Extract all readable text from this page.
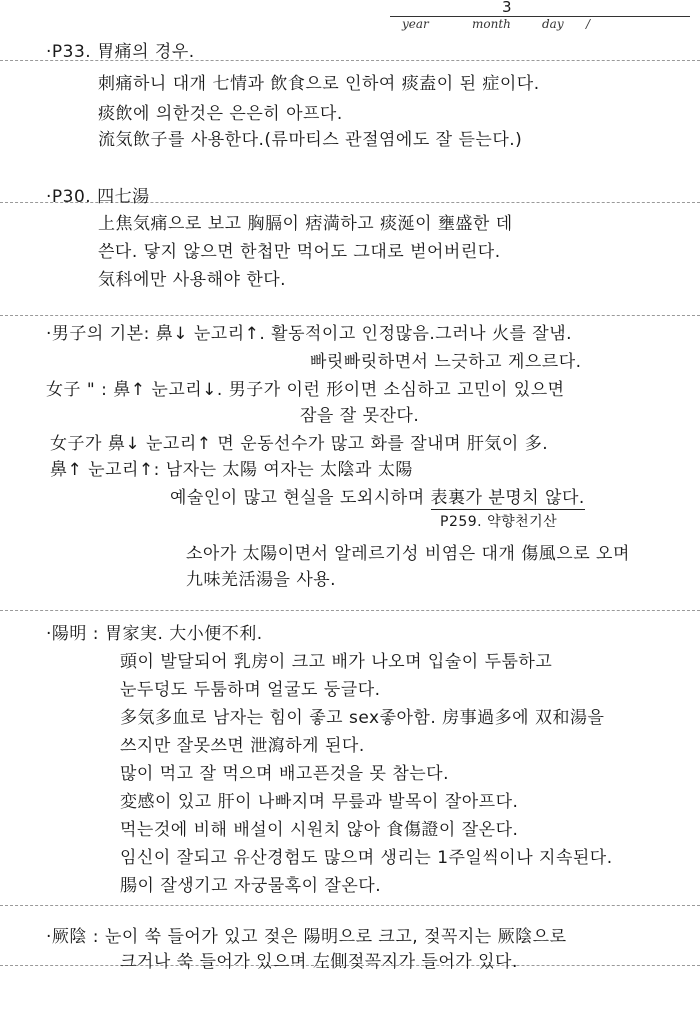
3
year	month	day /
·P33. 胃痛의 경우.
刺痛하니 대개 七情과 飲食으로 인하여 痰盍이 된 症이다.
痰飲에 의한것은 은은히 아프다.
流気飲子를 사용한다.(류마티스 관절염에도 잘 듣는다.)
·P30. 四七湯
上焦気痛으로 보고 胸膈이 痞満하고 痰涎이 壅盛한 데
쓴다. 닿지 않으면 한첩만 먹어도 그대로 벋어버린다.
気科에만 사용해야 한다.
·男子의 기본: 鼻↓ 눈고리↑. 활동적이고 인정많음.그러나 火를 잘냄.
빠릿빠릿하면서 느긋하고 게으르다.
女子 " : 鼻↑ 눈고리↓. 男子가 이런 形이면 소심하고 고민이 있으면
잠을 잘 못잔다.
女子가 鼻↓ 눈고리↑ 면 운동선수가 많고 화를 잘내며 肝気이 多.
鼻↑ 눈고리↑: 남자는 太陽 여자는 太陰과 太陽
예술인이 많고 현실을 도외시하며 表裏가 분명치 않다.
P259. 약향천기산
소아가 太陽이면서 알레르기성 비염은 대개 傷風으로 오며
九味羌活湯을 사용.
·陽明 : 胃家実. 大小便不利.
頭이 발달되어 乳房이 크고 배가 나오며 입술이 두툼하고
눈두덩도 두툼하며 얼굴도 둥글다.
多気多血로 남자는 힘이 좋고 sex좋아함. 房事過多에 双和湯을
쓰지만 잘못쓰면 泄瀉하게 된다.
많이 먹고 잘 먹으며 배고픈것을 못 참는다.
変感이 있고 肝이 나빠지며 무릎과 발목이 잘아프다.
먹는것에 비해 배설이 시원치 않아 食傷證이 잘온다.
임신이 잘되고 유산경험도 많으며 생리는 1주일씩이나 지속된다.
腸이 잘생기고 자궁물혹이 잘온다.
·厥陰 : 눈이 쑥 들어가 있고 젖은 陽明으로 크고, 젖꼭지는 厥陰으로
크거나 쑥 들어가 있으며 左側젖꼭지가 들어가 있다.
